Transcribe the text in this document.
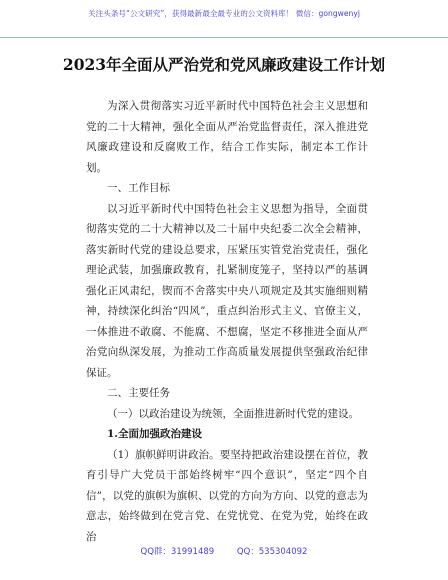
关注头条号“公文研究”，获得最新最全最专业的公文资料库！ 微信：gongwenyj
2023年全面从严治党和党风廉政建设工作计划

为深入贯彻落实习近平新时代中国特色社会主义思想和党的二十大精神，强化全面从严治党监督责任，深入推进党风廉政建设和反腐败工作，结合工作实际，制定本工作计划。

一、工作目标

以习近平新时代中国特色社会主义思想为指导，全面贯彻落实党的二十大精神以及二十届中央纪委二次全会精神，落实新时代党的建设总要求，压紧压实管党治党责任，强化理论武装，加强廉政教育，扎紧制度笼子，坚持以严的基调强化正风肃纪，锲而不舍落实中央八项规定及其实施细则精神，持续深化纠治“四风”，重点纠治形式主义、官僚主义，一体推进不敢腐、不能腐、不想腐，坚定不移推进全面从严治党向纵深发展，为推动工作高质量发展提供坚强政治纪律保证。

二、主要任务

（一）以政治建设为统领，全面推进新时代党的建设。

1.全面加强政治建设

（1）旗帜鲜明讲政治。要坚持把政治建设摆在首位，教育引导广大党员干部始终树牢“四个意识”，坚定“四个自信”，以党的旗帜为旗帜、以党的方向为方向、以党的意志为意志，始终做到在党言党、在党忧党、在党为党，始终在政治

QQ群：31991489	QQ：535304092
